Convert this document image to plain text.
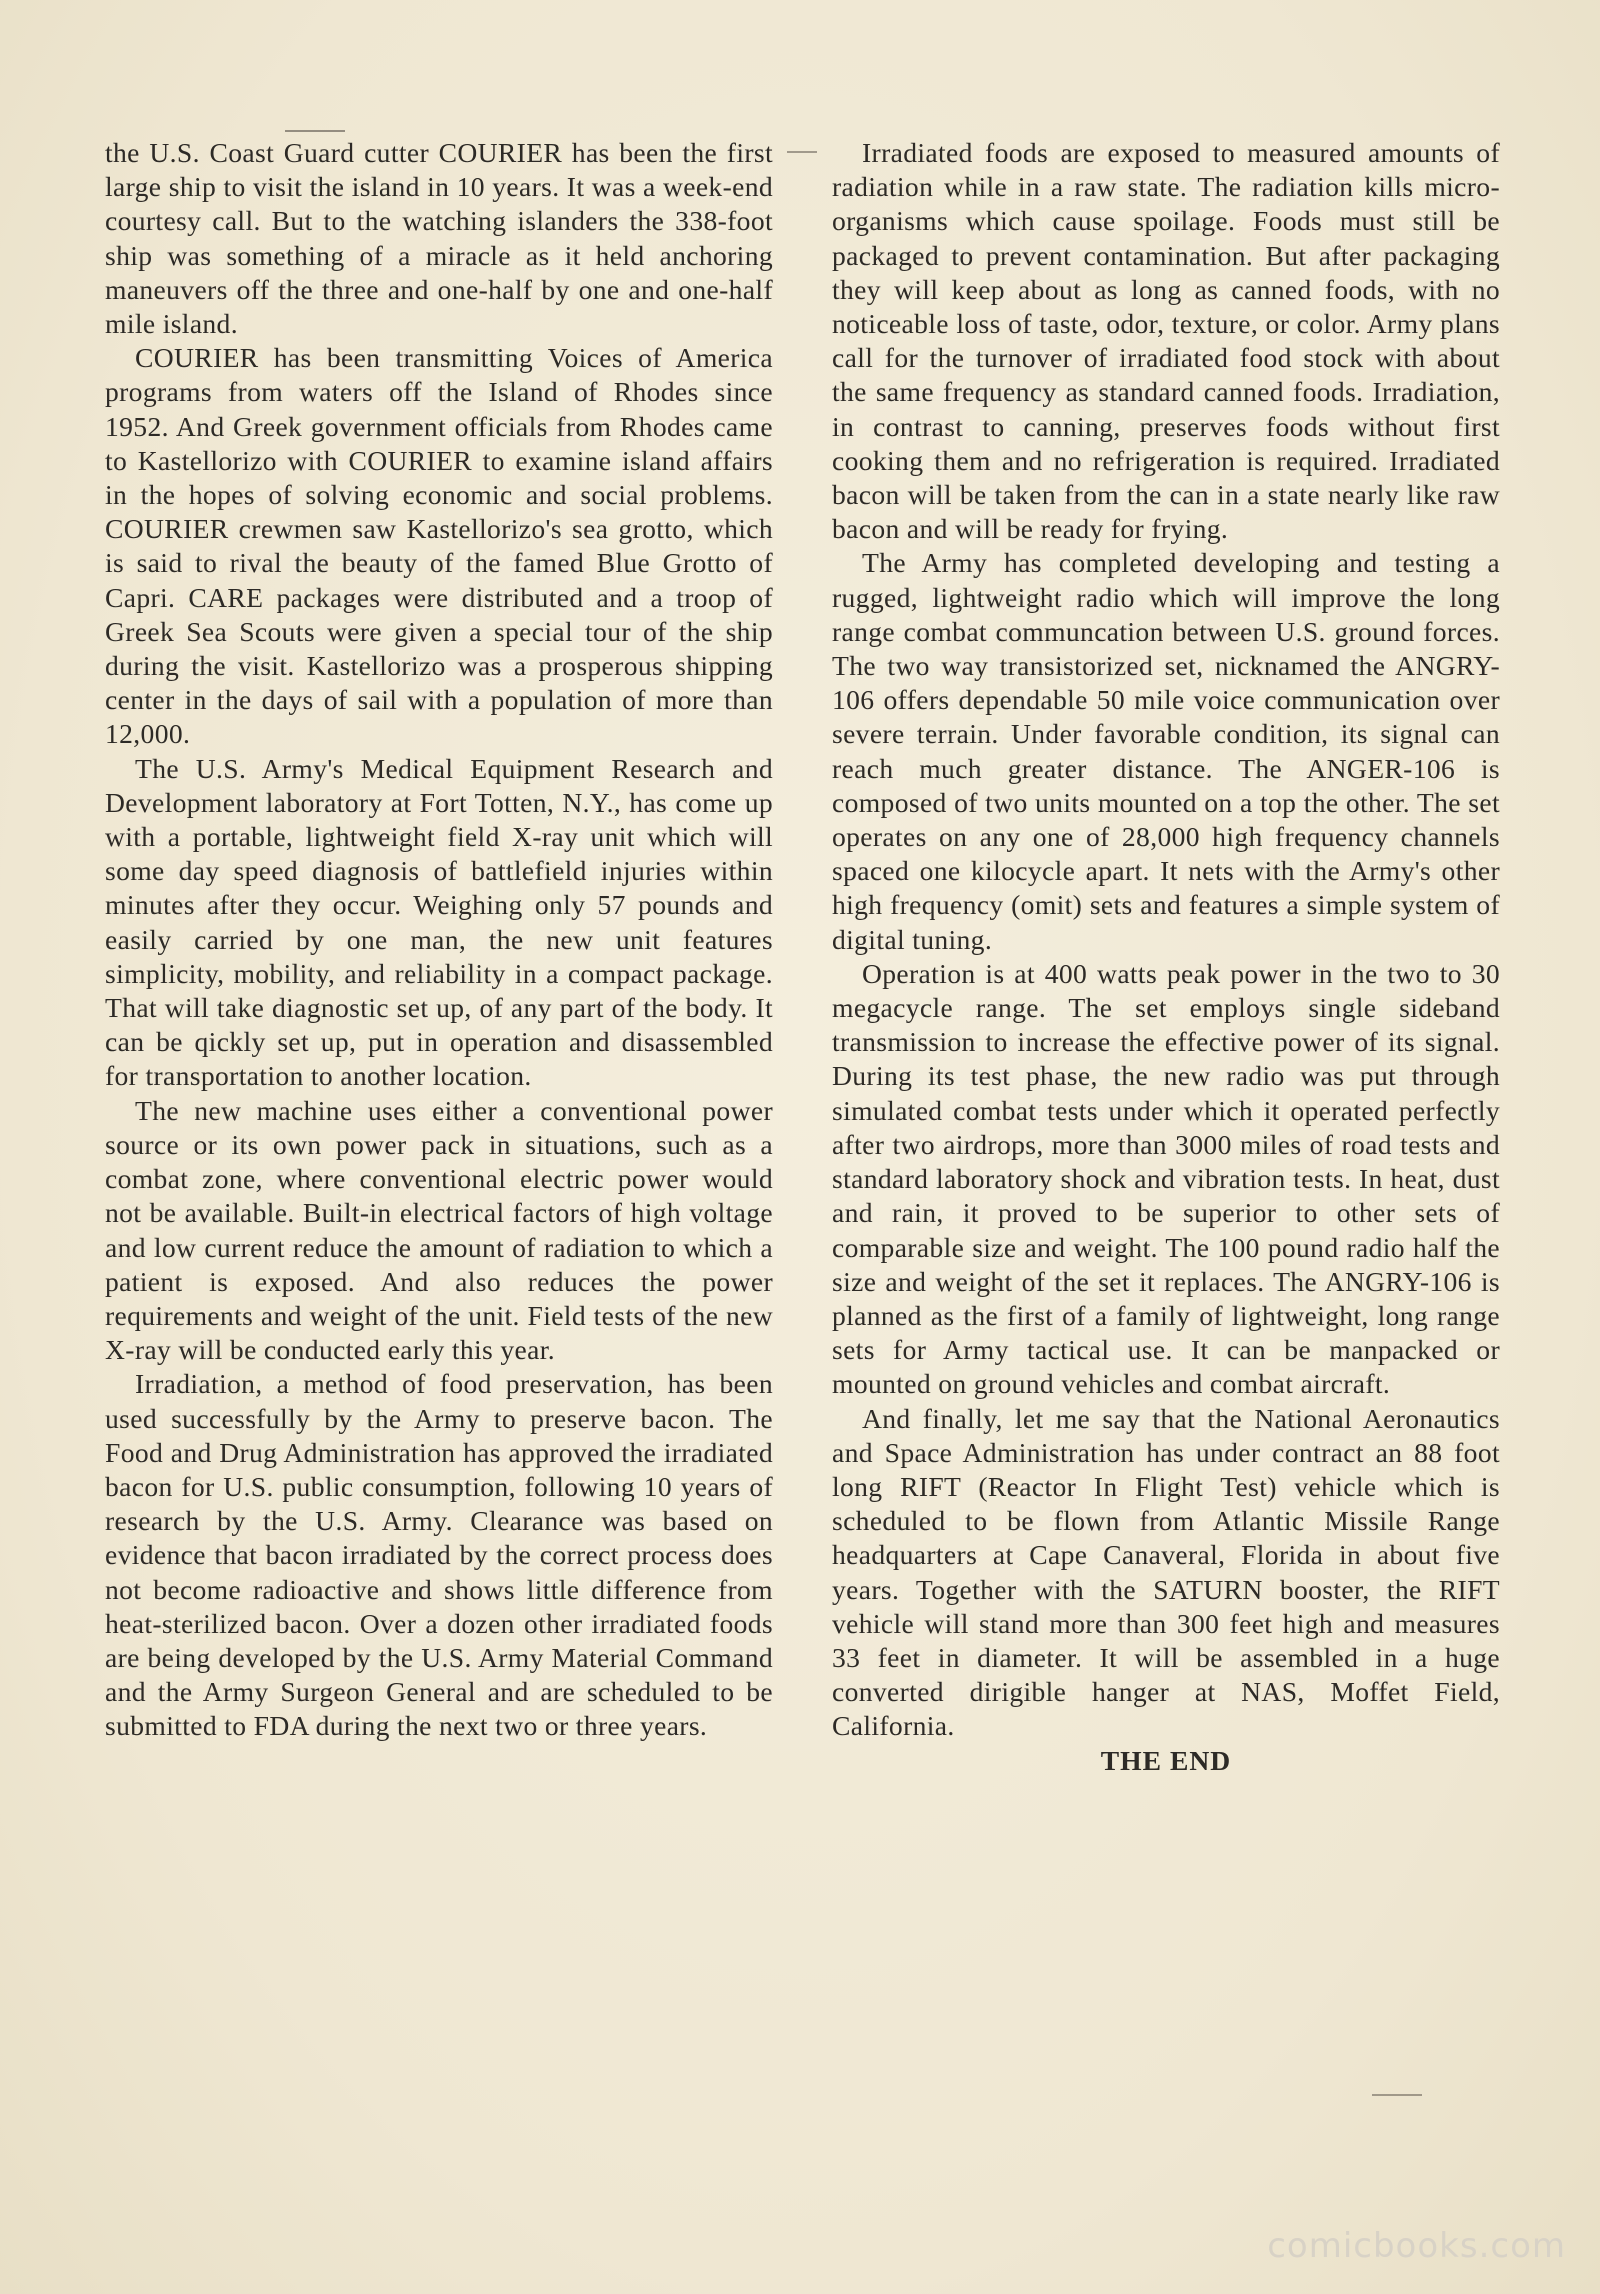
the U.S. Coast Guard cutter COURIER has been the first large ship to visit the island in 10 years. It was a week-end courtesy call. But to the watching islanders the 338-foot ship was something of a miracle as it held anchoring maneuvers off the three and one-half by one and one-half mile island.

COURIER has been transmitting Voices of America programs from waters off the Island of Rhodes since 1952. And Greek government officials from Rhodes came to Kastellorizo with COURIER to examine island affairs in the hopes of solving economic and social problems. COURIER crewmen saw Kastellorizo's sea grotto, which is said to rival the beauty of the famed Blue Grotto of Capri. CARE packages were distributed and a troop of Greek Sea Scouts were given a special tour of the ship during the visit. Kastellorizo was a prosperous shipping center in the days of sail with a population of more than 12,000.

The U.S. Army's Medical Equipment Research and Development laboratory at Fort Totten, N.Y., has come up with a portable, lightweight field X-ray unit which will some day speed diagnosis of battlefield injuries within minutes after they occur. Weighing only 57 pounds and easily carried by one man, the new unit features simplicity, mobility, and reliability in a compact package. That will take diagnostic set up, of any part of the body. It can be qickly set up, put in operation and disassembled for transportation to another location.

The new machine uses either a conventional power source or its own power pack in situations, such as a combat zone, where conventional electric power would not be available. Built-in electrical factors of high voltage and low current reduce the amount of radiation to which a patient is exposed. And also reduces the power requirements and weight of the unit. Field tests of the new X-ray will be conducted early this year.

Irradiation, a method of food preservation, has been used successfully by the Army to preserve bacon. The Food and Drug Administration has approved the irradiated bacon for U.S. public consumption, following 10 years of research by the U.S. Army. Clearance was based on evidence that bacon irradiated by the correct process does not become radioactive and shows little difference from heat-sterilized bacon. Over a dozen other irradiated foods are being developed by the U.S. Army Material Command and the Army Surgeon General and are scheduled to be submitted to FDA during the next two or three years.

Irradiated foods are exposed to measured amounts of radiation while in a raw state. The radiation kills micro-organisms which cause spoilage. Foods must still be packaged to prevent contamination. But after packaging they will keep about as long as canned foods, with no noticeable loss of taste, odor, texture, or color. Army plans call for the turnover of irradiated food stock with about the same frequency as standard canned foods. Irradiation, in contrast to canning, preserves foods without first cooking them and no refrigeration is required. Irradiated bacon will be taken from the can in a state nearly like raw bacon and will be ready for frying.

The Army has completed developing and testing a rugged, lightweight radio which will improve the long range combat communcation between U.S. ground forces. The two way transistorized set, nicknamed the ANGRY-106 offers dependable 50 mile voice communication over severe terrain. Under favorable condition, its signal can reach much greater distance. The ANGER-106 is composed of two units mounted on a top the other. The set operates on any one of 28,000 high frequency channels spaced one kilocycle apart. It nets with the Army's other high frequency (omit) sets and features a simple system of digital tuning.

Operation is at 400 watts peak power in the two to 30 megacycle range. The set employs single sideband transmission to increase the effective power of its signal. During its test phase, the new radio was put through simulated combat tests under which it operated perfectly after two airdrops, more than 3000 miles of road tests and standard laboratory shock and vibration tests. In heat, dust and rain, it proved to be superior to other sets of comparable size and weight. The 100 pound radio half the size and weight of the set it replaces. The ANGRY-106 is planned as the first of a family of lightweight, long range sets for Army tactical use. It can be manpacked or mounted on ground vehicles and combat aircraft.

And finally, let me say that the National Aeronautics and Space Administration has under contract an 88 foot long RIFT (Reactor In Flight Test) vehicle which is scheduled to be flown from Atlantic Missile Range headquarters at Cape Canaveral, Florida in about five years. Together with the SATURN booster, the RIFT vehicle will stand more than 300 feet high and measures 33 feet in diameter. It will be assembled in a huge converted dirigible hanger at NAS, Moffet Field, California.

THE END

comicbooks.com
